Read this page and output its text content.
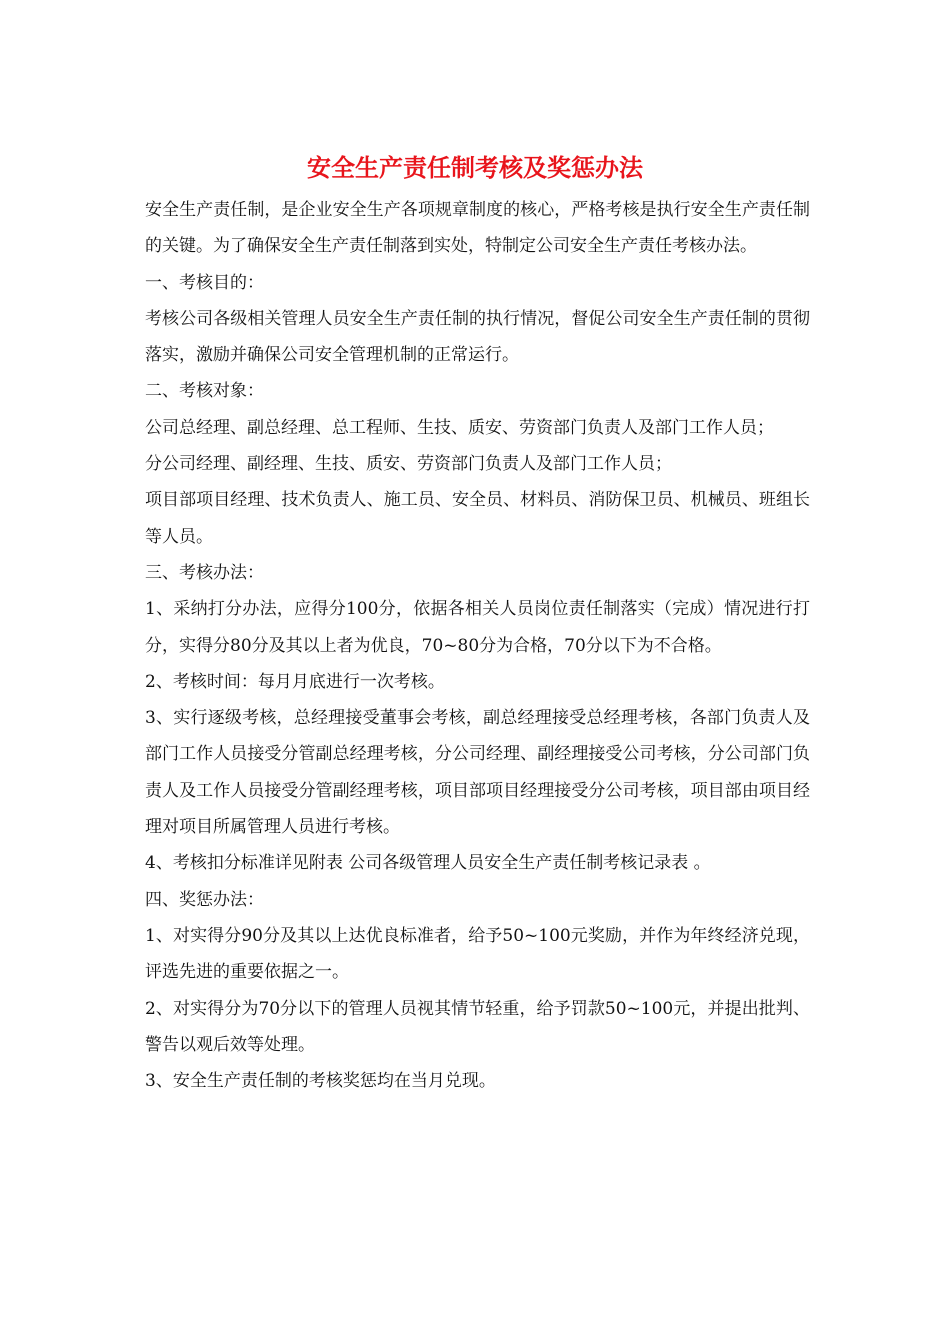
安全生产责任制考核及奖惩办法

安全生产责任制，是企业安全生产各项规章制度的核心，严格考核是执行安全生产责任制的关键。为了确保安全生产责任制落到实处，特制定公司安全生产责任考核办法。

一、考核目的：

考核公司各级相关管理人员安全生产责任制的执行情况，督促公司安全生产责任制的贯彻落实，激励并确保公司安全管理机制的正常运行。

二、考核对象：

公司总经理、副总经理、总工程师、生技、质安、劳资部门负责人及部门工作人员；

分公司经理、副经理、生技、质安、劳资部门负责人及部门工作人员；

项目部项目经理、技术负责人、施工员、安全员、材料员、消防保卫员、机械员、班组长等人员。

三、考核办法：

1、采纳打分办法，应得分100分，依据各相关人员岗位责任制落实（完成）情况进行打分，实得分80分及其以上者为优良，70~80分为合格，70分以下为不合格。

2、考核时间：每月月底进行一次考核。

3、实行逐级考核，总经理接受董事会考核，副总经理接受总经理考核，各部门负责人及部门工作人员接受分管副总经理考核，分公司经理、副经理接受公司考核，分公司部门负责人及工作人员接受分管副经理考核，项目部项目经理接受分公司考核，项目部由项目经理对项目所属管理人员进行考核。

4、考核扣分标准详见附表 公司各级管理人员安全生产责任制考核记录表 。

四、奖惩办法：

1、对实得分90分及其以上达优良标准者，给予50~100元奖励，并作为年终经济兑现，评选先进的重要依据之一。

2、对实得分为70分以下的管理人员视其情节轻重，给予罚款50~100元，并提出批判、警告以观后效等处理。

3、安全生产责任制的考核奖惩均在当月兑现。
